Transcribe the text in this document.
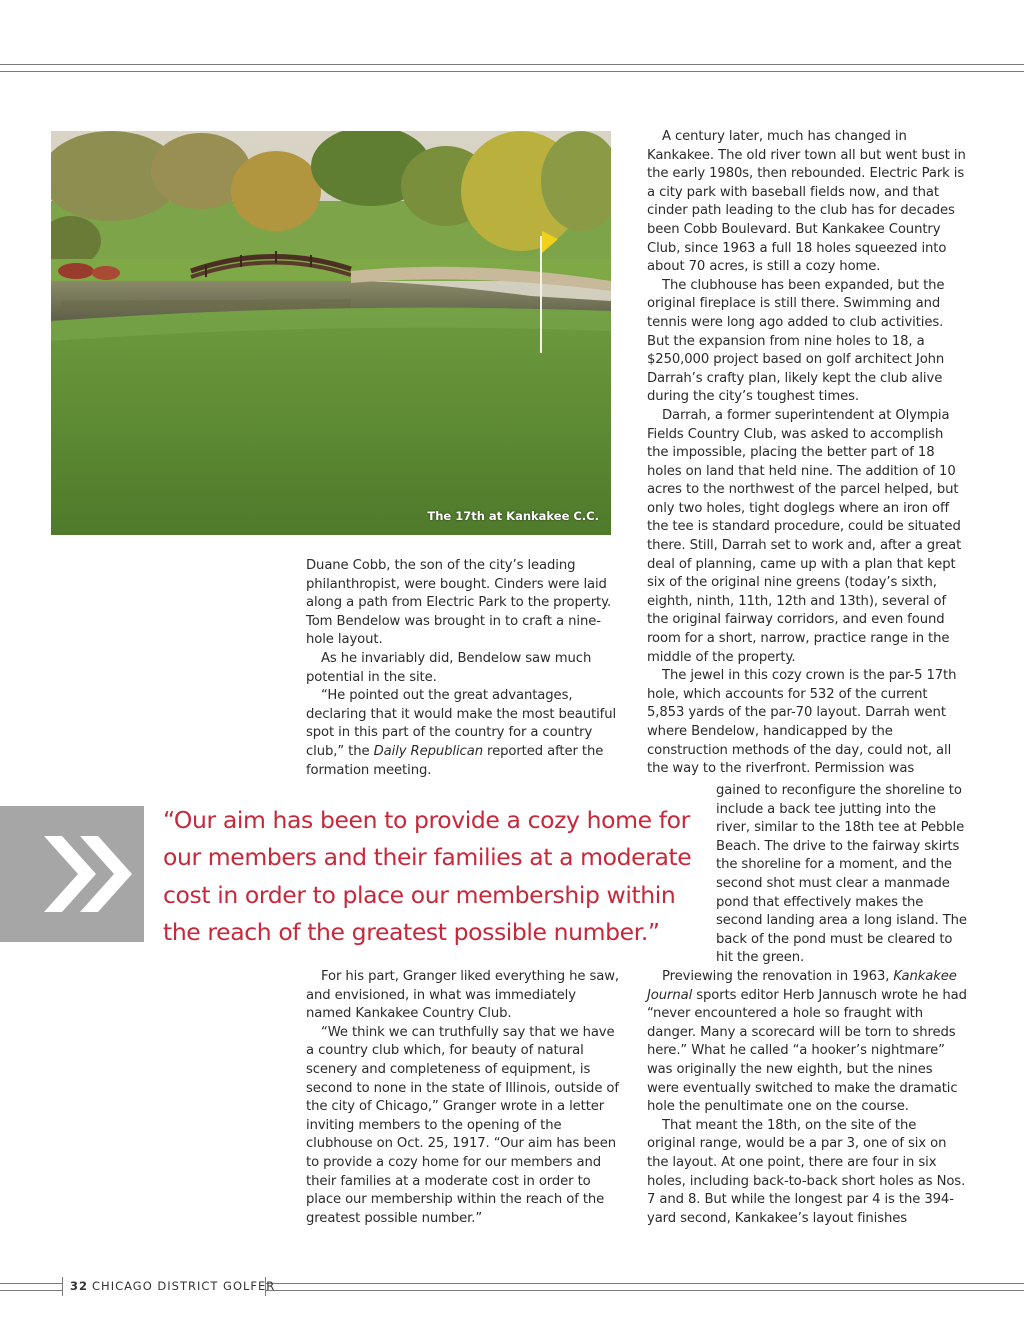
The 17th at Kankakee C.C.

A century later, much has changed in Kankakee. The old river town all but went bust in the early 1980s, then rebounded. Electric Park is a city park with baseball fields now, and that cinder path leading to the club has for decades been Cobb Boulevard. But Kankakee Country Club, since 1963 a full 18 holes squeezed into about 70 acres, is still a cozy home.

The clubhouse has been expanded, but the original fireplace is still there. Swimming and tennis were long ago added to club activities. But the expansion from nine holes to 18, a $250,000 project based on golf architect John Darrah’s crafty plan, likely kept the club alive during the city’s toughest times.

Darrah, a former superintendent at Olympia Fields Country Club, was asked to accomplish the impossible, placing the better part of 18 holes on land that held nine. The addition of 10 acres to the northwest of the parcel helped, but only two holes, tight doglegs where an iron off the tee is standard procedure, could be situated there. Still, Darrah set to work and, after a great deal of planning, came up with a plan that kept six of the original nine greens (today’s sixth, eighth, ninth, 11th, 12th and 13th), several of the original fairway corridors, and even found room for a short, narrow, practice range in the middle of the property.

The jewel in this cozy crown is the par-5 17th hole, which accounts for 532 of the current 5,853 yards of the par-70 layout. Darrah went where Bendelow, handicapped by the construction methods of the day, could not, all the way to the riverfront. Permission was

gained to reconfigure the shoreline to include a back tee jutting into the river, similar to the 18th tee at Pebble Beach. The drive to the fairway skirts the shoreline for a moment, and the second shot must clear a manmade pond that effectively makes the second landing area a long island. The back of the pond must be cleared to hit the green.

Previewing the renovation in 1963, Kankakee Journal sports editor Herb Jannusch wrote he had “never encountered a hole so fraught with danger. Many a scorecard will be torn to shreds here.” What he called “a hooker’s nightmare” was originally the new eighth, but the nines were eventually switched to make the dramatic hole the penultimate one on the course.

That meant the 18th, on the site of the original range, would be a par 3, one of six on the layout. At one point, there are four in six holes, including back-to-back short holes as Nos. 7 and 8. But while the longest par 4 is the 394-yard second, Kankakee’s layout finishes

Duane Cobb, the son of the city’s leading philanthropist, were bought. Cinders were laid along a path from Electric Park to the property. Tom Bendelow was brought in to craft a nine-hole layout.

As he invariably did, Bendelow saw much potential in the site.

“He pointed out the great advantages, declaring that it would make the most beautiful spot in this part of the country for a country club,” the Daily Republican reported after the formation meeting.

“Our aim has been to provide a cozy home for our members and their families at a moderate cost in order to place our membership within the reach of the greatest possible number.”

For his part, Granger liked everything he saw, and envisioned, in what was immediately named Kankakee Country Club.

“We think we can truthfully say that we have a country club which, for beauty of natural scenery and completeness of equipment, is second to none in the state of Illinois, outside of the city of Chicago,” Granger wrote in a letter inviting members to the opening of the clubhouse on Oct. 25, 1917. “Our aim has been to provide a cozy home for our members and their families at a moderate cost in order to place our membership within the reach of the greatest possible number.”

32 CHICAGO DISTRICT GOLFER
